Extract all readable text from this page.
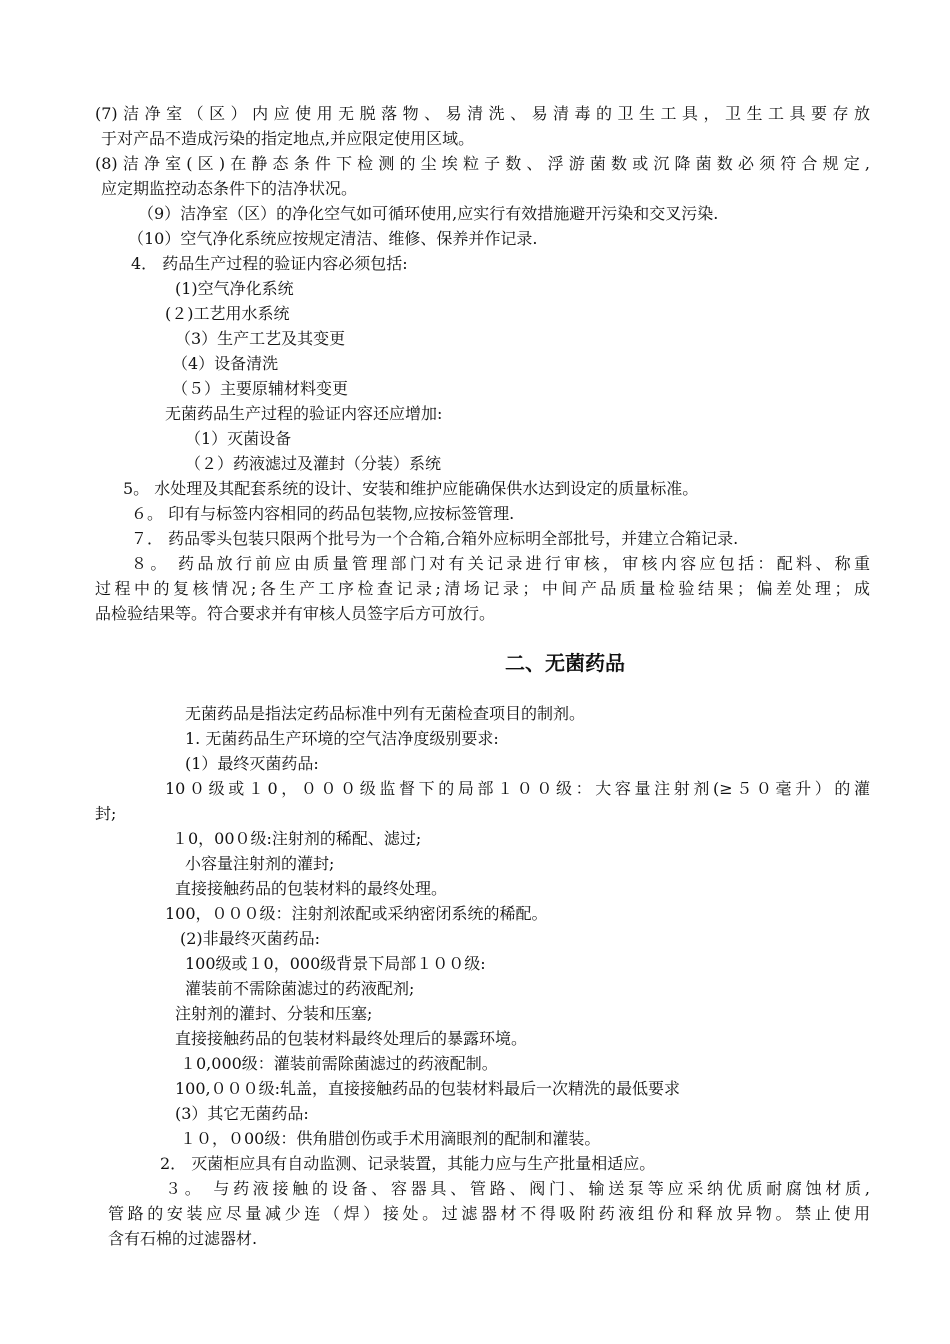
(7)洁净室（区）内应使用无脱落物、易清洗、易清毒的卫生工具，卫生工具要存放
于对产品不造成污染的指定地点,并应限定使用区域。
(8)洁净室(区)在静态条件下检测的尘埃粒子数、浮游菌数或沉降菌数必须符合规定,
应定期监控动态条件下的洁净状况。
（9）洁净室（区）的净化空气如可循环使用,应实行有效措施避开污染和交叉污染.
（10）空气净化系统应按规定清洁、维修、保养并作记录.
4． 药品生产过程的验证内容必须包括:
(1)空气净化系统
(２)工艺用水系统
（3）生产工艺及其变更
（4）设备清洗
（５）主要原辅材料变更
无菌药品生产过程的验证内容还应增加:
（1）灭菌设备
（２）药液滤过及灌封（分装）系统
5。 水处理及其配套系统的设计、安装和维护应能确保供水达到设定的质量标准。
６。 印有与标签内容相同的药品包装物,应按标签管理.
７． 药品零头包装只限两个批号为一个合箱,合箱外应标明全部批号，并建立合箱记录.
８。 药品放行前应由质量管理部门对有关记录进行审核，审核内容应包括：配料、称重
过程中的复核情况;各生产工序检查记录;清场记录；中间产品质量检验结果；偏差处理；成
品检验结果等。符合要求并有审核人员签字后方可放行。
二、无菌药品
无菌药品是指法定药品标准中列有无菌检查项目的制剂。
1. 无菌药品生产环境的空气洁净度级别要求:
(1）最终灭菌药品:
10０级或１0，０００级监督下的局部１００级：大容量注射剂(≥５０毫升）的灌
封;
１0，00０级:注射剂的稀配、滤过;
小容量注射剂的灌封;
直接接触药品的包装材料的最终处理。
100，０００级：注射剂浓配或采纳密闭系统的稀配。
(2)非最终灭菌药品:
100级或１0，000级背景下局部１００级:
灌装前不需除菌滤过的药液配剂;
注射剂的灌封、分装和压塞;
直接接触药品的包装材料最终处理后的暴露环境。
１0,000级：灌装前需除菌滤过的药液配制。
100,０００级:轧盖，直接接触药品的包装材料最后一次精洗的最低要求
(3）其它无菌药品:
１０，０00级：供角腊创伤或手术用滴眼剂的配制和灌装。
2． 灭菌柜应具有自动监测、记录装置，其能力应与生产批量相适应。
３。 与药液接触的设备、容器具、管路、阀门、输送泵等应采纳优质耐腐蚀材质,
管路的安装应尽量减少连（焊）接处。过滤器材不得吸附药液组份和释放异物。禁止使用
含有石棉的过滤器材.
